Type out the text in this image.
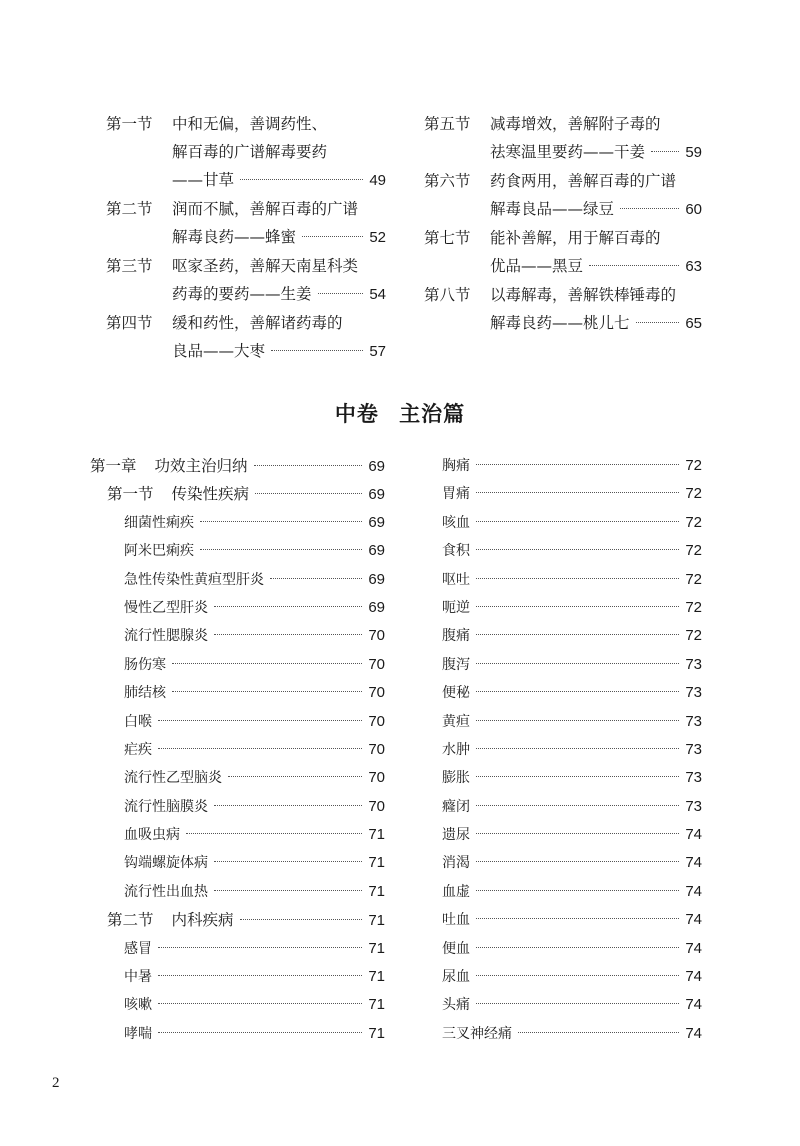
第一节	中和无偏，善调药性、
解百毒的广谱解毒要药
——甘草	49
第二节	润而不腻，善解百毒的广谱
解毒良药——蜂蜜	52
第三节	呕家圣药，善解天南星科类
药毒的要药——生姜	54
第四节	缓和药性，善解诸药毒的
良品——大枣	57
第五节	减毒增效，善解附子毒的
祛寒温里要药——干姜	59
第六节	药食两用，善解百毒的广谱
解毒良品——绿豆	60
第七节	能补善解，用于解百毒的
优品——黑豆	63
第八节	以毒解毒，善解铁棒锤毒的
解毒良药——桃儿七	65
中卷 主治篇
第一章 功效主治归纳	69
第一节 传染性疾病	69
细菌性痢疾	69
阿米巴痢疾	69
急性传染性黄疸型肝炎	69
慢性乙型肝炎	69
流行性腮腺炎	70
肠伤寒	70
肺结核	70
白喉	70
疟疾	70
流行性乙型脑炎	70
流行性脑膜炎	70
血吸虫病	71
钩端螺旋体病	71
流行性出血热	71
第二节 内科疾病	71
感冒	71
中暑	71
咳嗽	71
哮喘	71
胸痛	72
胃痛	72
咳血	72
食积	72
呕吐	72
呃逆	72
腹痛	72
腹泻	73
便秘	73
黄疸	73
水肿	73
膨胀	73
癃闭	73
遗尿	74
消渴	74
血虚	74
吐血	74
便血	74
尿血	74
头痛	74
三叉神经痛	74
2
